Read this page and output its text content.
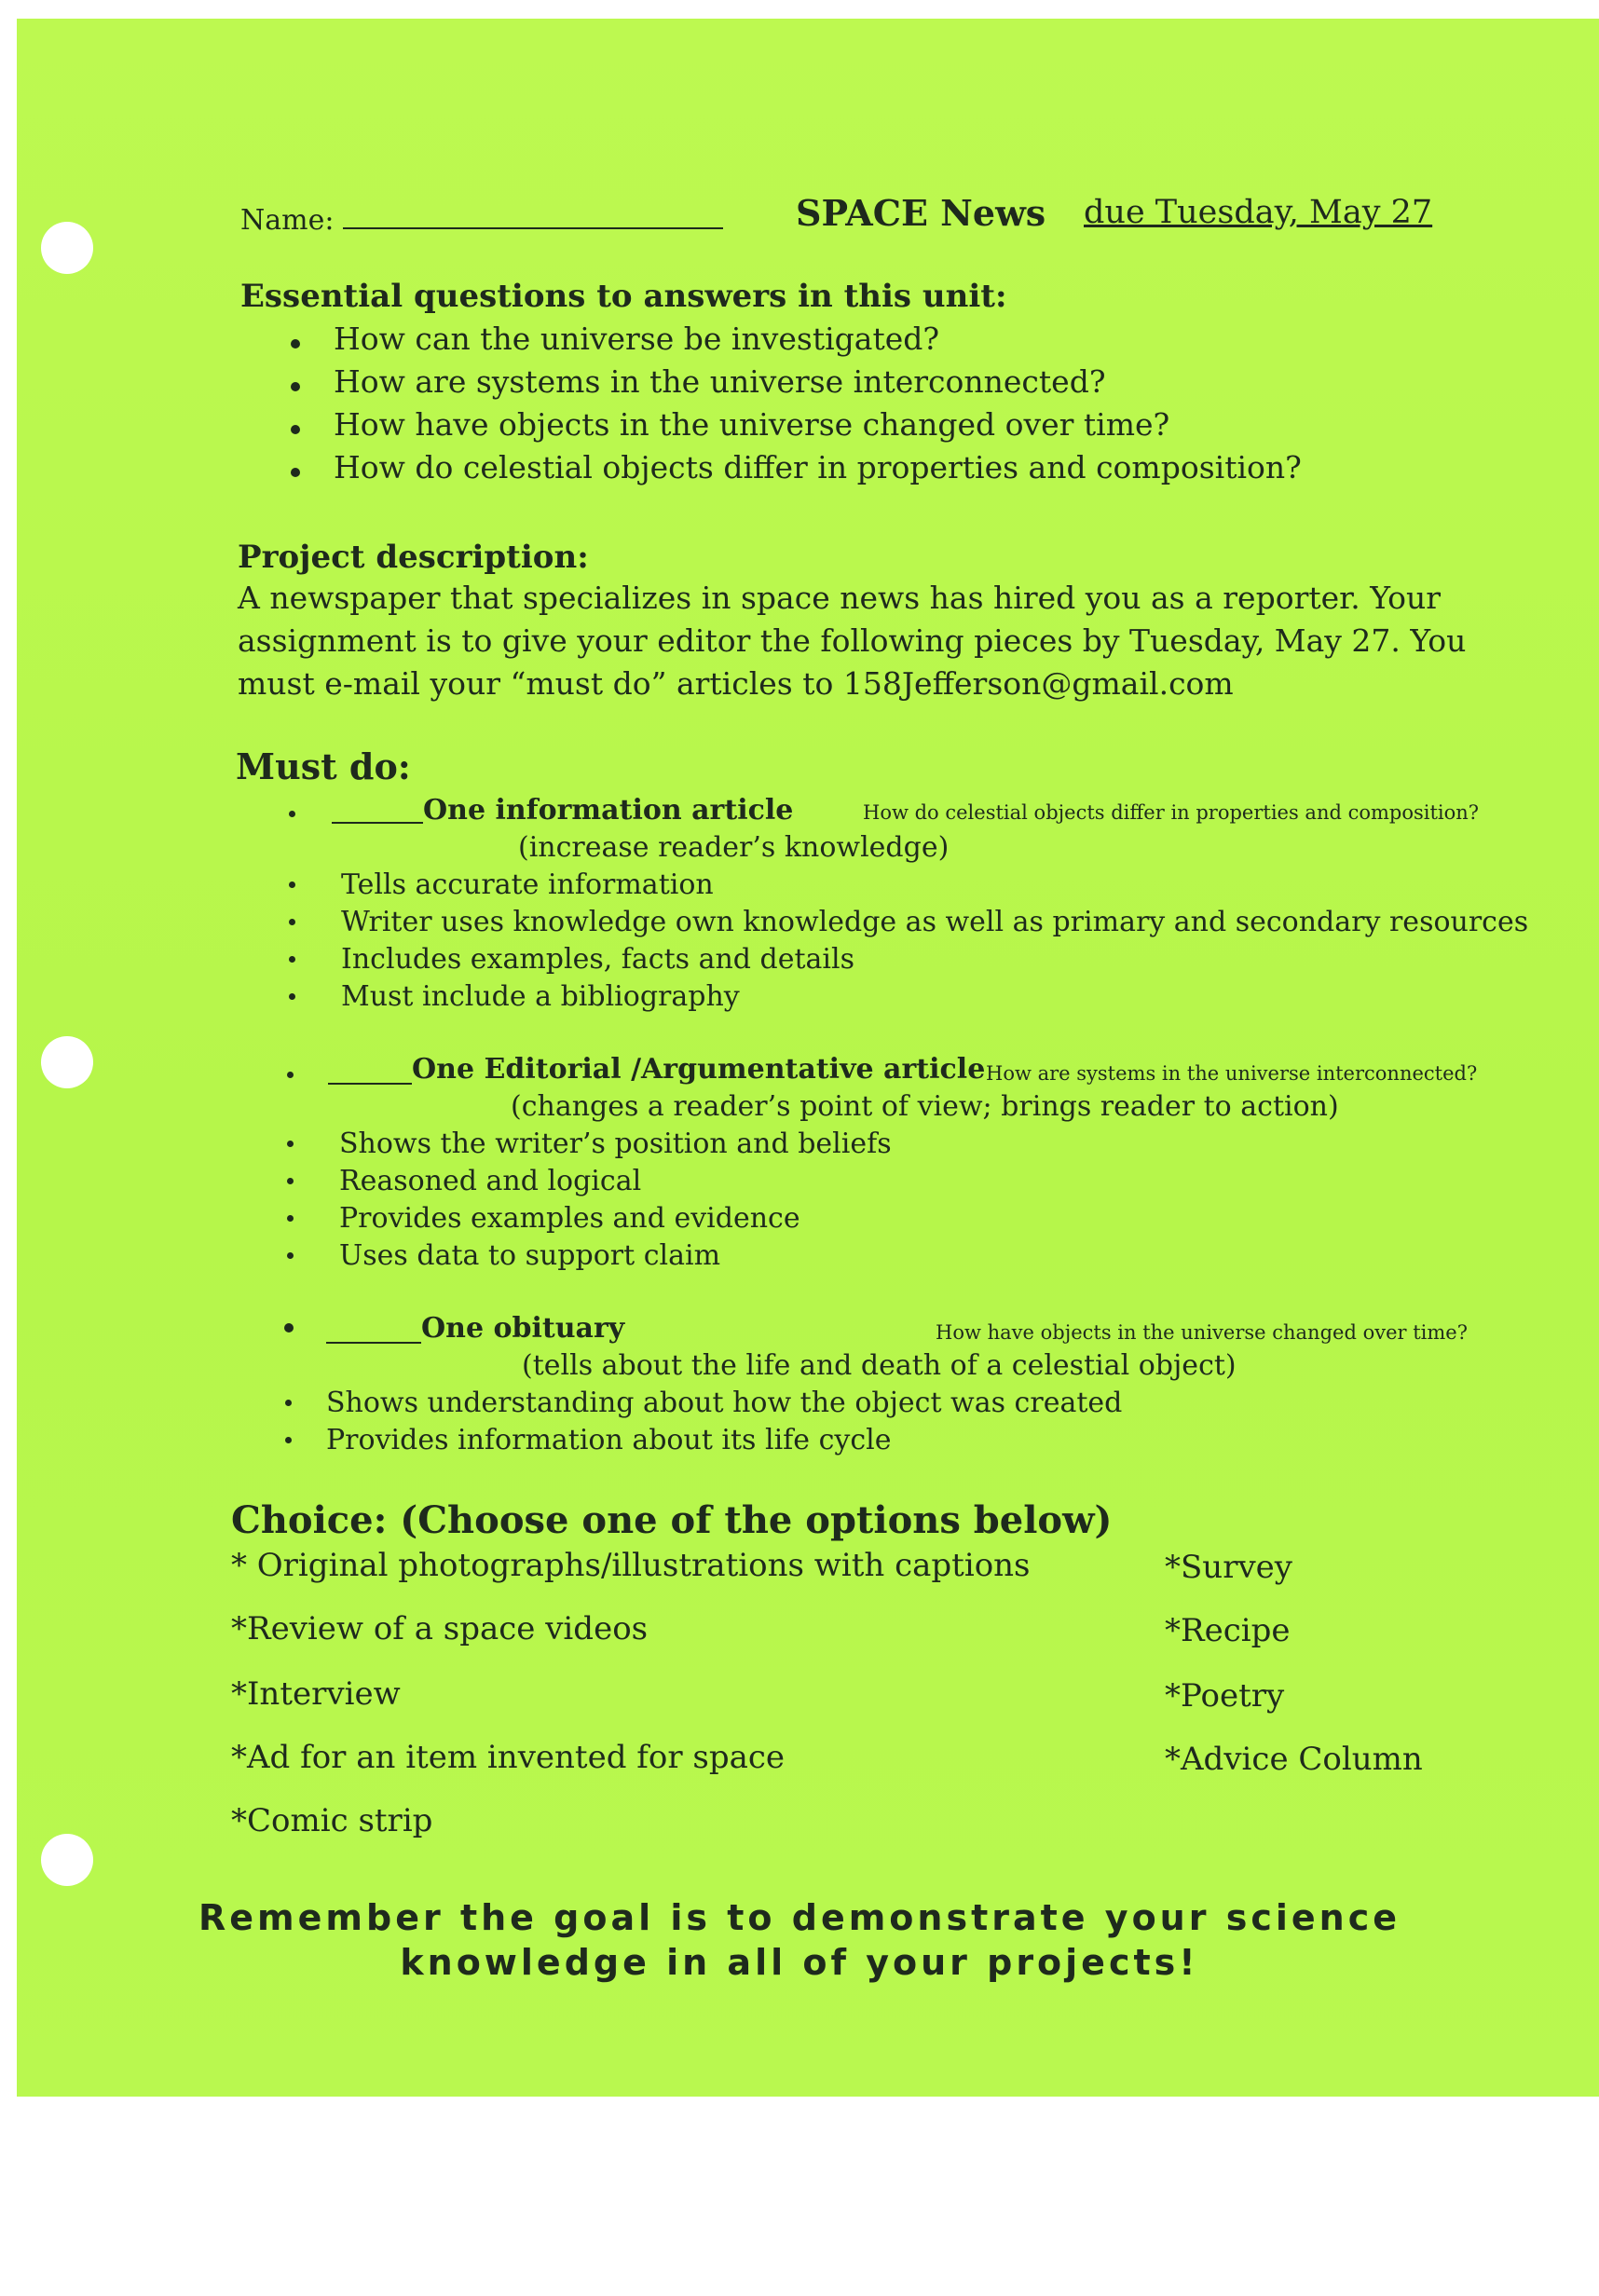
Name:	SPACE News due Tuesday, May 27
Essential questions to answers in this unit:
How can the universe be investigated?
How are systems in the universe interconnected?
How have objects in the universe changed over time?
How do celestial objects differ in properties and composition?
Project description:
A newspaper that specializes in space news has hired you as a reporter. Your
assignment is to give your editor the following pieces by Tuesday, May 27. You
must e-mail your “must do” articles to 158Jefferson@gmail.com
Must do:
One information article	How do celestial objects differ in properties and composition?
(increase reader’s knowledge)
Tells accurate information
Writer uses knowledge own knowledge as well as primary and secondary resources
Includes examples, facts and details
Must include a bibliography
One Editorial /Argumentative article How are systems in the universe interconnected?
(changes a reader’s point of view; brings reader to action)
Shows the writer’s position and beliefs
Reasoned and logical
Provides examples and evidence
Uses data to support claim
One obituary	How have objects in the universe changed over time?
(tells about the life and death of a celestial object)
Shows understanding about how the object was created
Provides information about its life cycle
Choice: (Choose one of the options below)
* Original photographs/illustrations with captions
*Review of a space videos
*Interview
*Ad for an item invented for space
*Comic strip
*Survey
*Recipe
*Poetry
*Advice Column
Remember the goal is to demonstrate your science
knowledge in all of your projects!
